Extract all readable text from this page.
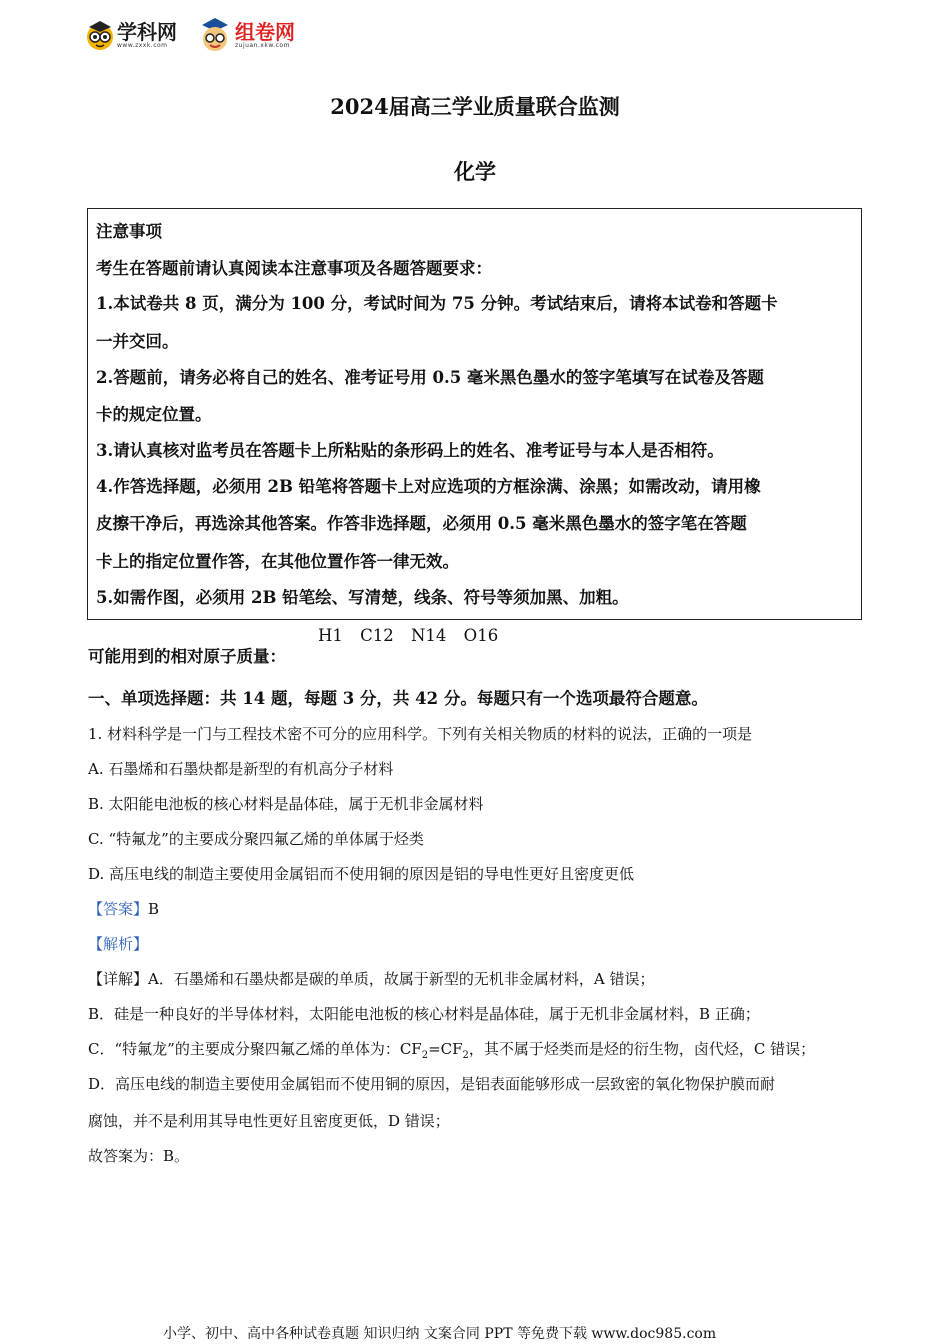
学科网
www.zxxk.com
组卷网
zujuan.xkw.com
2024届高三学业质量联合监测
化学
注意事项
考生在答题前请认真阅读本注意事项及各题答题要求：
1.本试卷共 8 页，满分为 100 分，考试时间为 75 分钟。考试结束后，请将本试卷和答题卡
一并交回。
2.答题前，请务必将自己的姓名、准考证号用 0.5 毫米黑色墨水的签字笔填写在试卷及答题
卡的规定位置。
3.请认真核对监考员在答题卡上所粘贴的条形码上的姓名、准考证号与本人是否相符。
4.作答选择题，必须用 2B 铅笔将答题卡上对应选项的方框涂满、涂黑；如需改动，请用橡
皮擦干净后，再选涂其他答案。作答非选择题，必须用 0.5 毫米黑色墨水的签字笔在答题
卡上的指定位置作答，在其他位置作答一律无效。
5.如需作图，必须用 2B 铅笔绘、写清楚，线条、符号等须加黑、加粗。
可能用到的相对原子质量：
H1 C12 N14 O16
一、单项选择题：共 14 题，每题 3 分，共 42 分。每题只有一个选项最符合题意。
1. 材料科学是一门与工程技术密不可分的应用科学。下列有关相关物质的材料的说法，正确的一项是
A. 石墨烯和石墨炔都是新型的有机高分子材料
B. 太阳能电池板的核心材料是晶体硅，属于无机非金属材料
C. “特氟龙”的主要成分聚四氟乙烯的单体属于烃类
D. 高压电线的制造主要使用金属铝而不使用铜的原因是铝的导电性更好且密度更低
【答案】B
【解析】
【详解】A．石墨烯和石墨炔都是碳的单质，故属于新型的无机非金属材料，A 错误；
B．硅是一种良好的半导体材料，太阳能电池板的核心材料是晶体硅，属于无机非金属材料，B 正确；
C．“特氟龙”的主要成分聚四氟乙烯的单体为：$CF_2=CF_2$，其不属于烃类而是烃的衍生物，卤代烃，C 错误；
D．高压电线的制造主要使用金属铝而不使用铜的原因，是铝表面能够形成一层致密的氧化物保护膜而耐
腐蚀，并不是利用其导电性更好且密度更低，D 错误；
故答案为：B。
小学、初中、高中各种试卷真题 知识归纳 文案合同 PPT 等免费下载 www.doc985.com
